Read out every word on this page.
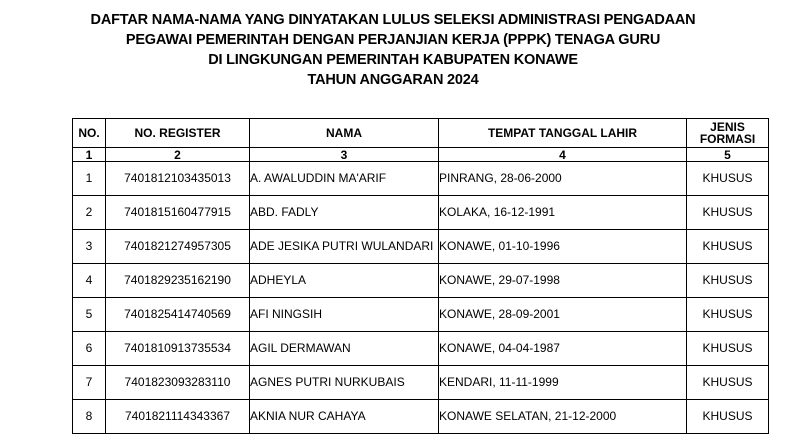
DAFTAR NAMA-NAMA YANG DINYATAKAN LULUS SELEKSI ADMINISTRASI PENGADAAN
PEGAWAI PEMERINTAH DENGAN PERJANJIAN KERJA (PPPK) TENAGA GURU
DI LINGKUNGAN PEMERINTAH KABUPATEN KONAWE
TAHUN ANGGARAN 2024
NO.	NO. REGISTER	NAMA	TEMPAT TANGGAL LAHIR	JENIS FORMASI
1	2	3	4	5
1	7401812103435013	A. AWALUDDIN MA'ARIF	PINRANG, 28-06-2000	KHUSUS
2	7401815160477915	ABD. FADLY	KOLAKA, 16-12-1991	KHUSUS
3	7401821274957305	ADE JESIKA PUTRI WULANDARI	KONAWE, 01-10-1996	KHUSUS
4	7401829235162190	ADHEYLA	KONAWE, 29-07-1998	KHUSUS
5	7401825414740569	AFI NINGSIH	KONAWE, 28-09-2001	KHUSUS
6	7401810913735534	AGIL DERMAWAN	KONAWE, 04-04-1987	KHUSUS
7	7401823093283110	AGNES PUTRI NURKUBAIS	KENDARI, 11-11-1999	KHUSUS
8	7401821114343367	AKNIA NUR CAHAYA	KONAWE SELATAN, 21-12-2000	KHUSUS
